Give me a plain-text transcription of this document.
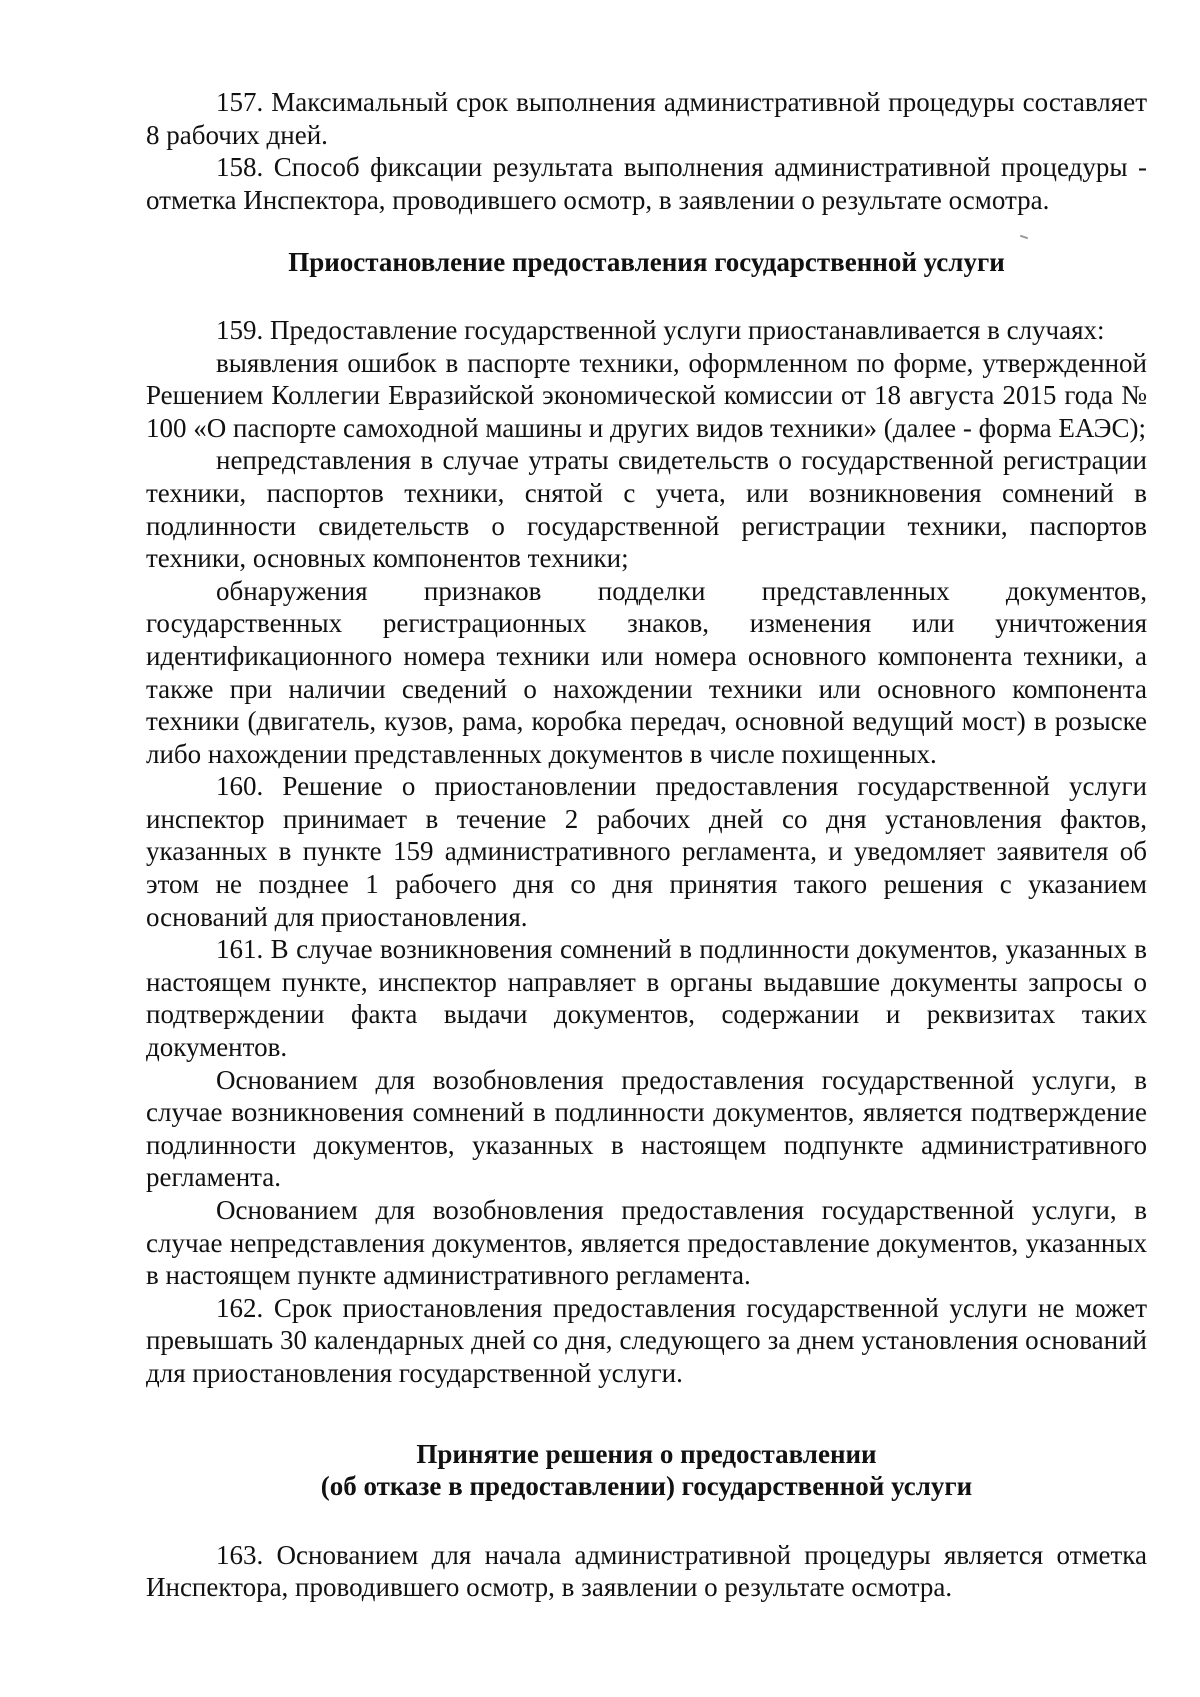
157. Максимальный срок выполнения административной процедуры составляет 8 рабочих дней.

158. Способ фиксации результата выполнения административной процедуры - отметка Инспектора, проводившего осмотр, в заявлении о результате осмотра.

Приостановление предоставления государственной услуги

159. Предоставление государственной услуги приостанавливается в случаях:

выявления ошибок в паспорте техники, оформленном по форме, утвержденной Решением Коллегии Евразийской экономической комиссии от 18 августа 2015 года № 100 «О паспорте самоходной машины и других видов техники» (далее - форма ЕАЭС);

непредставления в случае утраты свидетельств о государственной регистрации техники, паспортов техники, снятой с учета, или возникновения сомнений в подлинности свидетельств о государственной регистрации техники, паспортов техники, основных компонентов техники;

обнаружения признаков подделки представленных документов, государственных регистрационных знаков, изменения или уничтожения идентификационного номера техники или номера основного компонента техники, а также при наличии сведений о нахождении техники или основного компонента техники (двигатель, кузов, рама, коробка передач, основной ведущий мост) в розыске либо нахождении представленных документов в числе похищенных.

160. Решение о приостановлении предоставления государственной услуги инспектор принимает в течение 2 рабочих дней со дня установления фактов, указанных в пункте 159 административного регламента, и уведомляет заявителя об этом не позднее 1 рабочего дня со дня принятия такого решения с указанием оснований для приостановления.

161. В случае возникновения сомнений в подлинности документов, указанных в настоящем пункте, инспектор направляет в органы выдавшие документы запросы о подтверждении факта выдачи документов, содержании и реквизитах таких документов.

Основанием для возобновления предоставления государственной услуги, в случае возникновения сомнений в подлинности документов, является подтверждение подлинности документов, указанных в настоящем подпункте административного регламента.

Основанием для возобновления предоставления государственной услуги, в случае непредставления документов, является предоставление документов, указанных в настоящем пункте административного регламента.

162. Срок приостановления предоставления государственной услуги не может превышать 30 календарных дней со дня, следующего за днем установления оснований для приостановления государственной услуги.

Принятие решения о предоставлении
(об отказе в предоставлении) государственной услуги

163. Основанием для начала административной процедуры является отметка Инспектора, проводившего осмотр, в заявлении о результате осмотра.
